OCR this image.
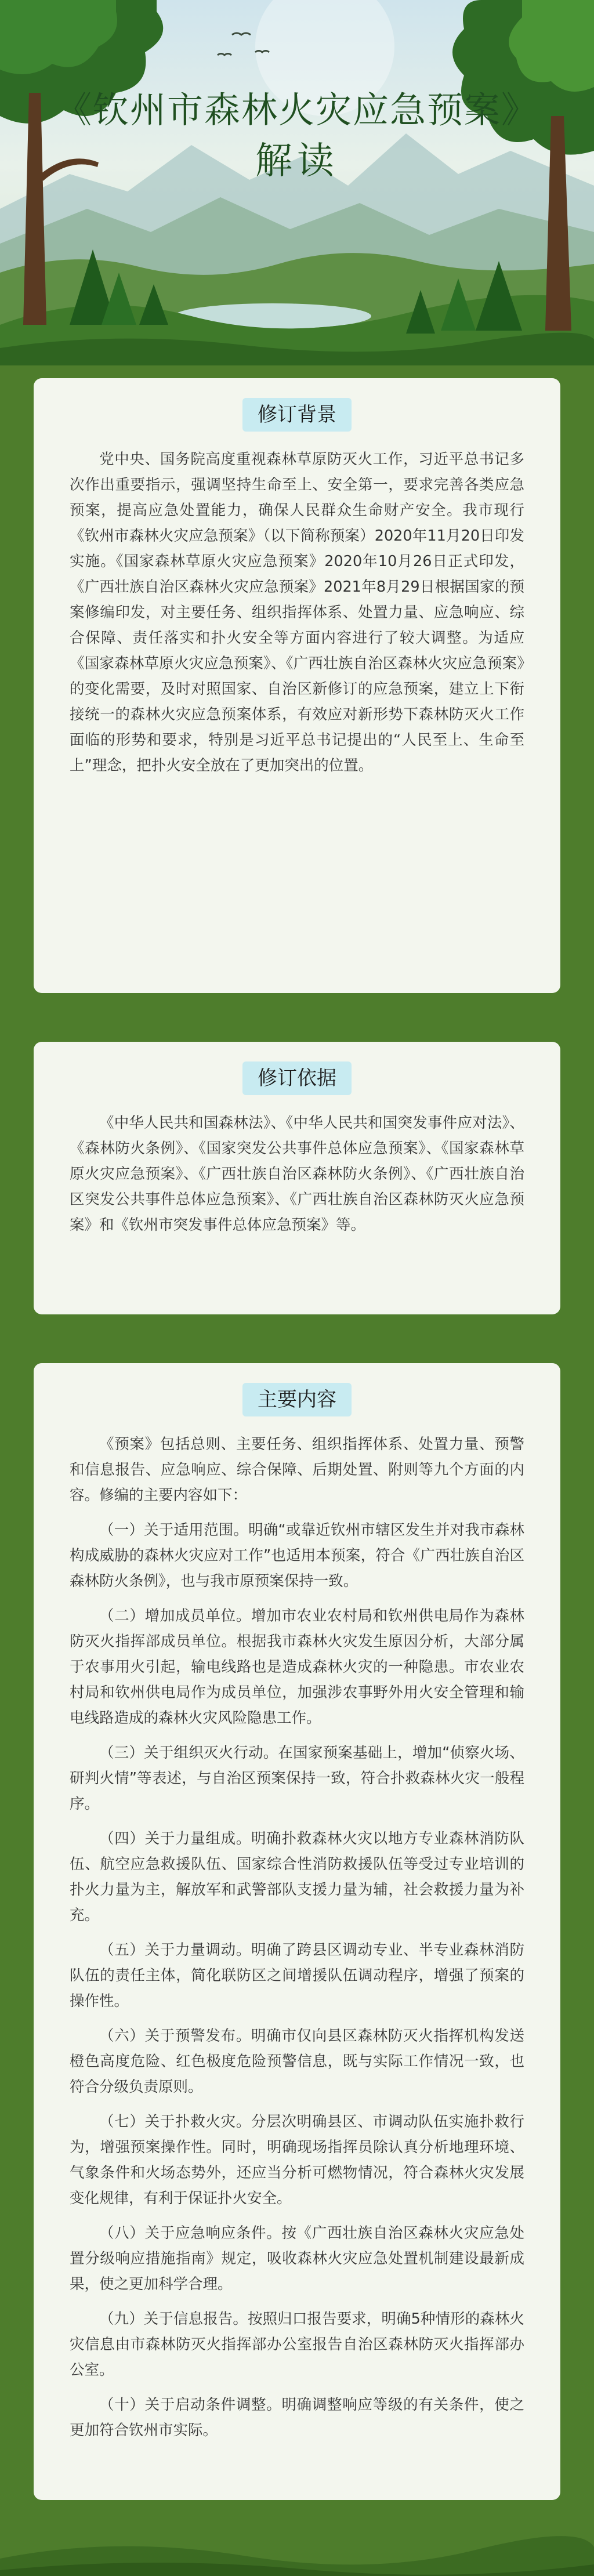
《钦州市森林火灾应急预案》
解读
修订背景

党中央、国务院高度重视森林草原防灭火工作，习近平总书记多次作出重要指示，强调坚持生命至上、安全第一，要求完善各类应急预案，提高应急处置能力，确保人民群众生命财产安全。我市现行《钦州市森林火灾应急预案》（以下简称预案）2020年11月20日印发实施。《国家森林草原火灾应急预案》2020年10月26日正式印发，《广西壮族自治区森林火灾应急预案》2021年8月29日根据国家的预案修编印发，对主要任务、组织指挥体系、处置力量、应急响应、综合保障、责任落实和扑火安全等方面内容进行了较大调整。为适应《国家森林草原火灾应急预案》、《广西壮族自治区森林火灾应急预案》的变化需要，及时对照国家、自治区新修订的应急预案，建立上下衔接统一的森林火灾应急预案体系，有效应对新形势下森林防灭火工作面临的形势和要求，特别是习近平总书记提出的“人民至上、生命至上”理念，把扑火安全放在了更加突出的位置。

修订依据

《中华人民共和国森林法》、《中华人民共和国突发事件应对法》、《森林防火条例》、《国家突发公共事件总体应急预案》、《国家森林草原火灾应急预案》、《广西壮族自治区森林防火条例》、《广西壮族自治区突发公共事件总体应急预案》、《广西壮族自治区森林防灭火应急预案》和《钦州市突发事件总体应急预案》等。

主要内容

《预案》包括总则、主要任务、组织指挥体系、处置力量、预警和信息报告、应急响应、综合保障、后期处置、附则等九个方面的内容。修编的主要内容如下：

（一）关于适用范围。明确“或靠近钦州市辖区发生并对我市森林构成威胁的森林火灾应对工作”也适用本预案，符合《广西壮族自治区森林防火条例》，也与我市原预案保持一致。

（二）增加成员单位。增加市农业农村局和钦州供电局作为森林防灭火指挥部成员单位。根据我市森林火灾发生原因分析，大部分属于农事用火引起，输电线路也是造成森林火灾的一种隐患。市农业农村局和钦州供电局作为成员单位，加强涉农事野外用火安全管理和输电线路造成的森林火灾风险隐患工作。

（三）关于组织灭火行动。在国家预案基础上，增加“侦察火场、研判火情”等表述，与自治区预案保持一致，符合扑救森林火灾一般程序。

（四）关于力量组成。明确扑救森林火灾以地方专业森林消防队伍、航空应急救援队伍、国家综合性消防救援队伍等受过专业培训的扑火力量为主，解放军和武警部队支援力量为辅，社会救援力量为补充。

（五）关于力量调动。明确了跨县区调动专业、半专业森林消防队伍的责任主体，简化联防区之间增援队伍调动程序，增强了预案的操作性。

（六）关于预警发布。明确市仅向县区森林防灭火指挥机构发送橙色高度危险、红色极度危险预警信息，既与实际工作情况一致，也符合分级负责原则。

（七）关于扑救火灾。分层次明确县区、市调动队伍实施扑救行为，增强预案操作性。同时，明确现场指挥员除认真分析地理环境、气象条件和火场态势外，还应当分析可燃物情况，符合森林火灾发展变化规律，有利于保证扑火安全。

（八）关于应急响应条件。按《广西壮族自治区森林火灾应急处置分级响应措施指南》规定，吸收森林火灾应急处置机制建设最新成果，使之更加科学合理。

（九）关于信息报告。按照归口报告要求，明确5种情形的森林火灾信息由市森林防灭火指挥部办公室报告自治区森林防灭火指挥部办公室。

（十）关于启动条件调整。明确调整响应等级的有关条件，使之更加符合钦州市实际。
